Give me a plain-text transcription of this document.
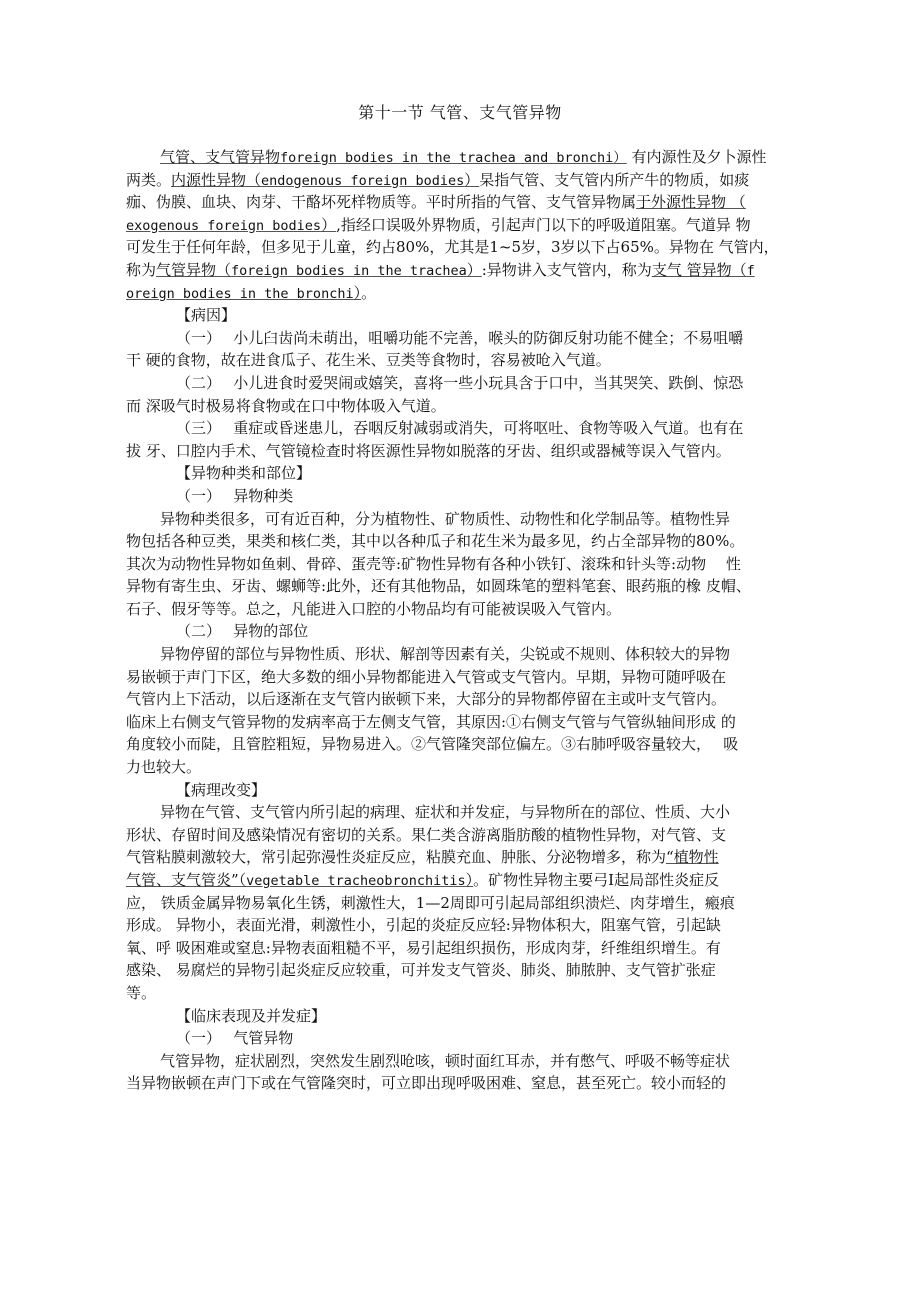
第十一节 气管、支气管异物
气管、支气管异物foreign bodies in the trachea and bronchi） 有内源性及夕卜源性
两类。内源性异物（endogenous foreign bodies）杲指气管、支气管内所产牛的物质，如痰
痂、伪膜、血块、肉芽、干酪坏死样物质等。平时所指的气管、支气管异物属于外源性异物 （
exogenous foreign bodies）,指经口误吸外界物质，引起声门以下的呼吸道阻塞。气道异 物
可发生于任何年龄，但多见于儿童，约占80%，尤其是1~5岁，3岁以下占65%。异物在 气管内，
称为气管异物（foreign bodies in the trachea）:异物讲入支气管内，称为支气 管异物（f
oreign bodies in the bronchi）。
【病因】
（一）　 小儿臼齿尚未萌出，咀嚼功能不完善，喉头的防御反射功能不健全；不易咀嚼
干 硬的食物，故在进食瓜子、花生米、豆类等食物时，容易被呛入气道。
（二）　 小儿进食时爱哭闹或嬉笑，喜将一些小玩具含于口中，当其哭笑、跌倒、惊恐
而 深吸气时极易将食物或在口中物体吸入气道。
（三）　 重症或昏迷患儿，吞咽反射减弱或消失，可将呕吐、食物等吸入气道。也有在
拔 牙、口腔内手术、气管镜检查时将医源性异物如脱落的牙齿、组织或器械等误入气管内。
【异物种类和部位】
（一）　 异物种类
异物种类很多，可有近百种，分为植物性、矿物质性、动物性和化学制品等。植物性异
物包括各种豆类，果类和核仁类，其中以各种瓜子和花生米为最多见，约占全部异物的80%。
其次为动物性异物如鱼刺、骨碎、蛋壳等:矿物性异物有各种小铁钉、滚珠和针头等:动物　 性
异物有寄生虫、牙齿、螺蛳等:此外，还有其他物品，如圆珠笔的塑料笔套、眼药瓶的橡 皮帽、
石子、假牙等等。总之，凡能进入口腔的小物品均有可能被误吸入气管内。
（二）　 异物的部位
异物停留的部位与异物性质、形状、解剖等因素有关，尖锐或不规则、体积较大的异物
易嵌顿于声门下区，绝大多数的细小异物都能进入气管或支气管内。早期，异物可随呼吸在
气管内上下活动，以后逐渐在支气管内嵌顿下来，大部分的异物都停留在主或叶支气管内。
临床上右侧支气管异物的发病率高于左侧支气管，其原因:①右侧支气管与气管纵轴间形成 的
角度较小而陡，且管腔粗短，异物易进入。②气管隆突部位偏左。③右肺呼吸容量较大，　 吸
力也较大。
【病理改变】
异物在气管、支气管内所引起的病理、症状和并发症，与异物所在的部位、性质、大小
形状、存留时间及感染情况有密切的关系。果仁类含游离脂肪酸的植物性异物，对气管、支
气管粘膜刺激较大，常引起弥漫性炎症反应，粘膜充血、肿胀、分泌物增多，称为“植物性
气管、支气管炎”（vegetable tracheobronchitis）。矿物性异物主要弓I起局部性炎症反
应， 铁质金属异物易氧化生锈，刺激性大，1—2周即可引起局部组织溃烂、肉芽增生，瘢痕
形成。 异物小，表面光滑，刺激性小，引起的炎症反应轻:异物体积大，阻塞气管，引起缺
氧、呼 吸困难或窒息:异物表面粗糙不平，易引起组织损伤，形成肉芽，纤维组织增生。有
感染、 易腐烂的异物引起炎症反应较重，可并发支气管炎、肺炎、肺脓肿、支气管扩张症
等。
【临床表现及并发症】
（一）　 气管异物
气管异物，症状剧烈，突然发生剧烈呛咳，顿时面红耳赤，并有憋气、呼吸不畅等症状
当异物嵌顿在声门下或在气管隆突时，可立即出现呼吸困难、窒息，甚至死亡。较小而轻的
